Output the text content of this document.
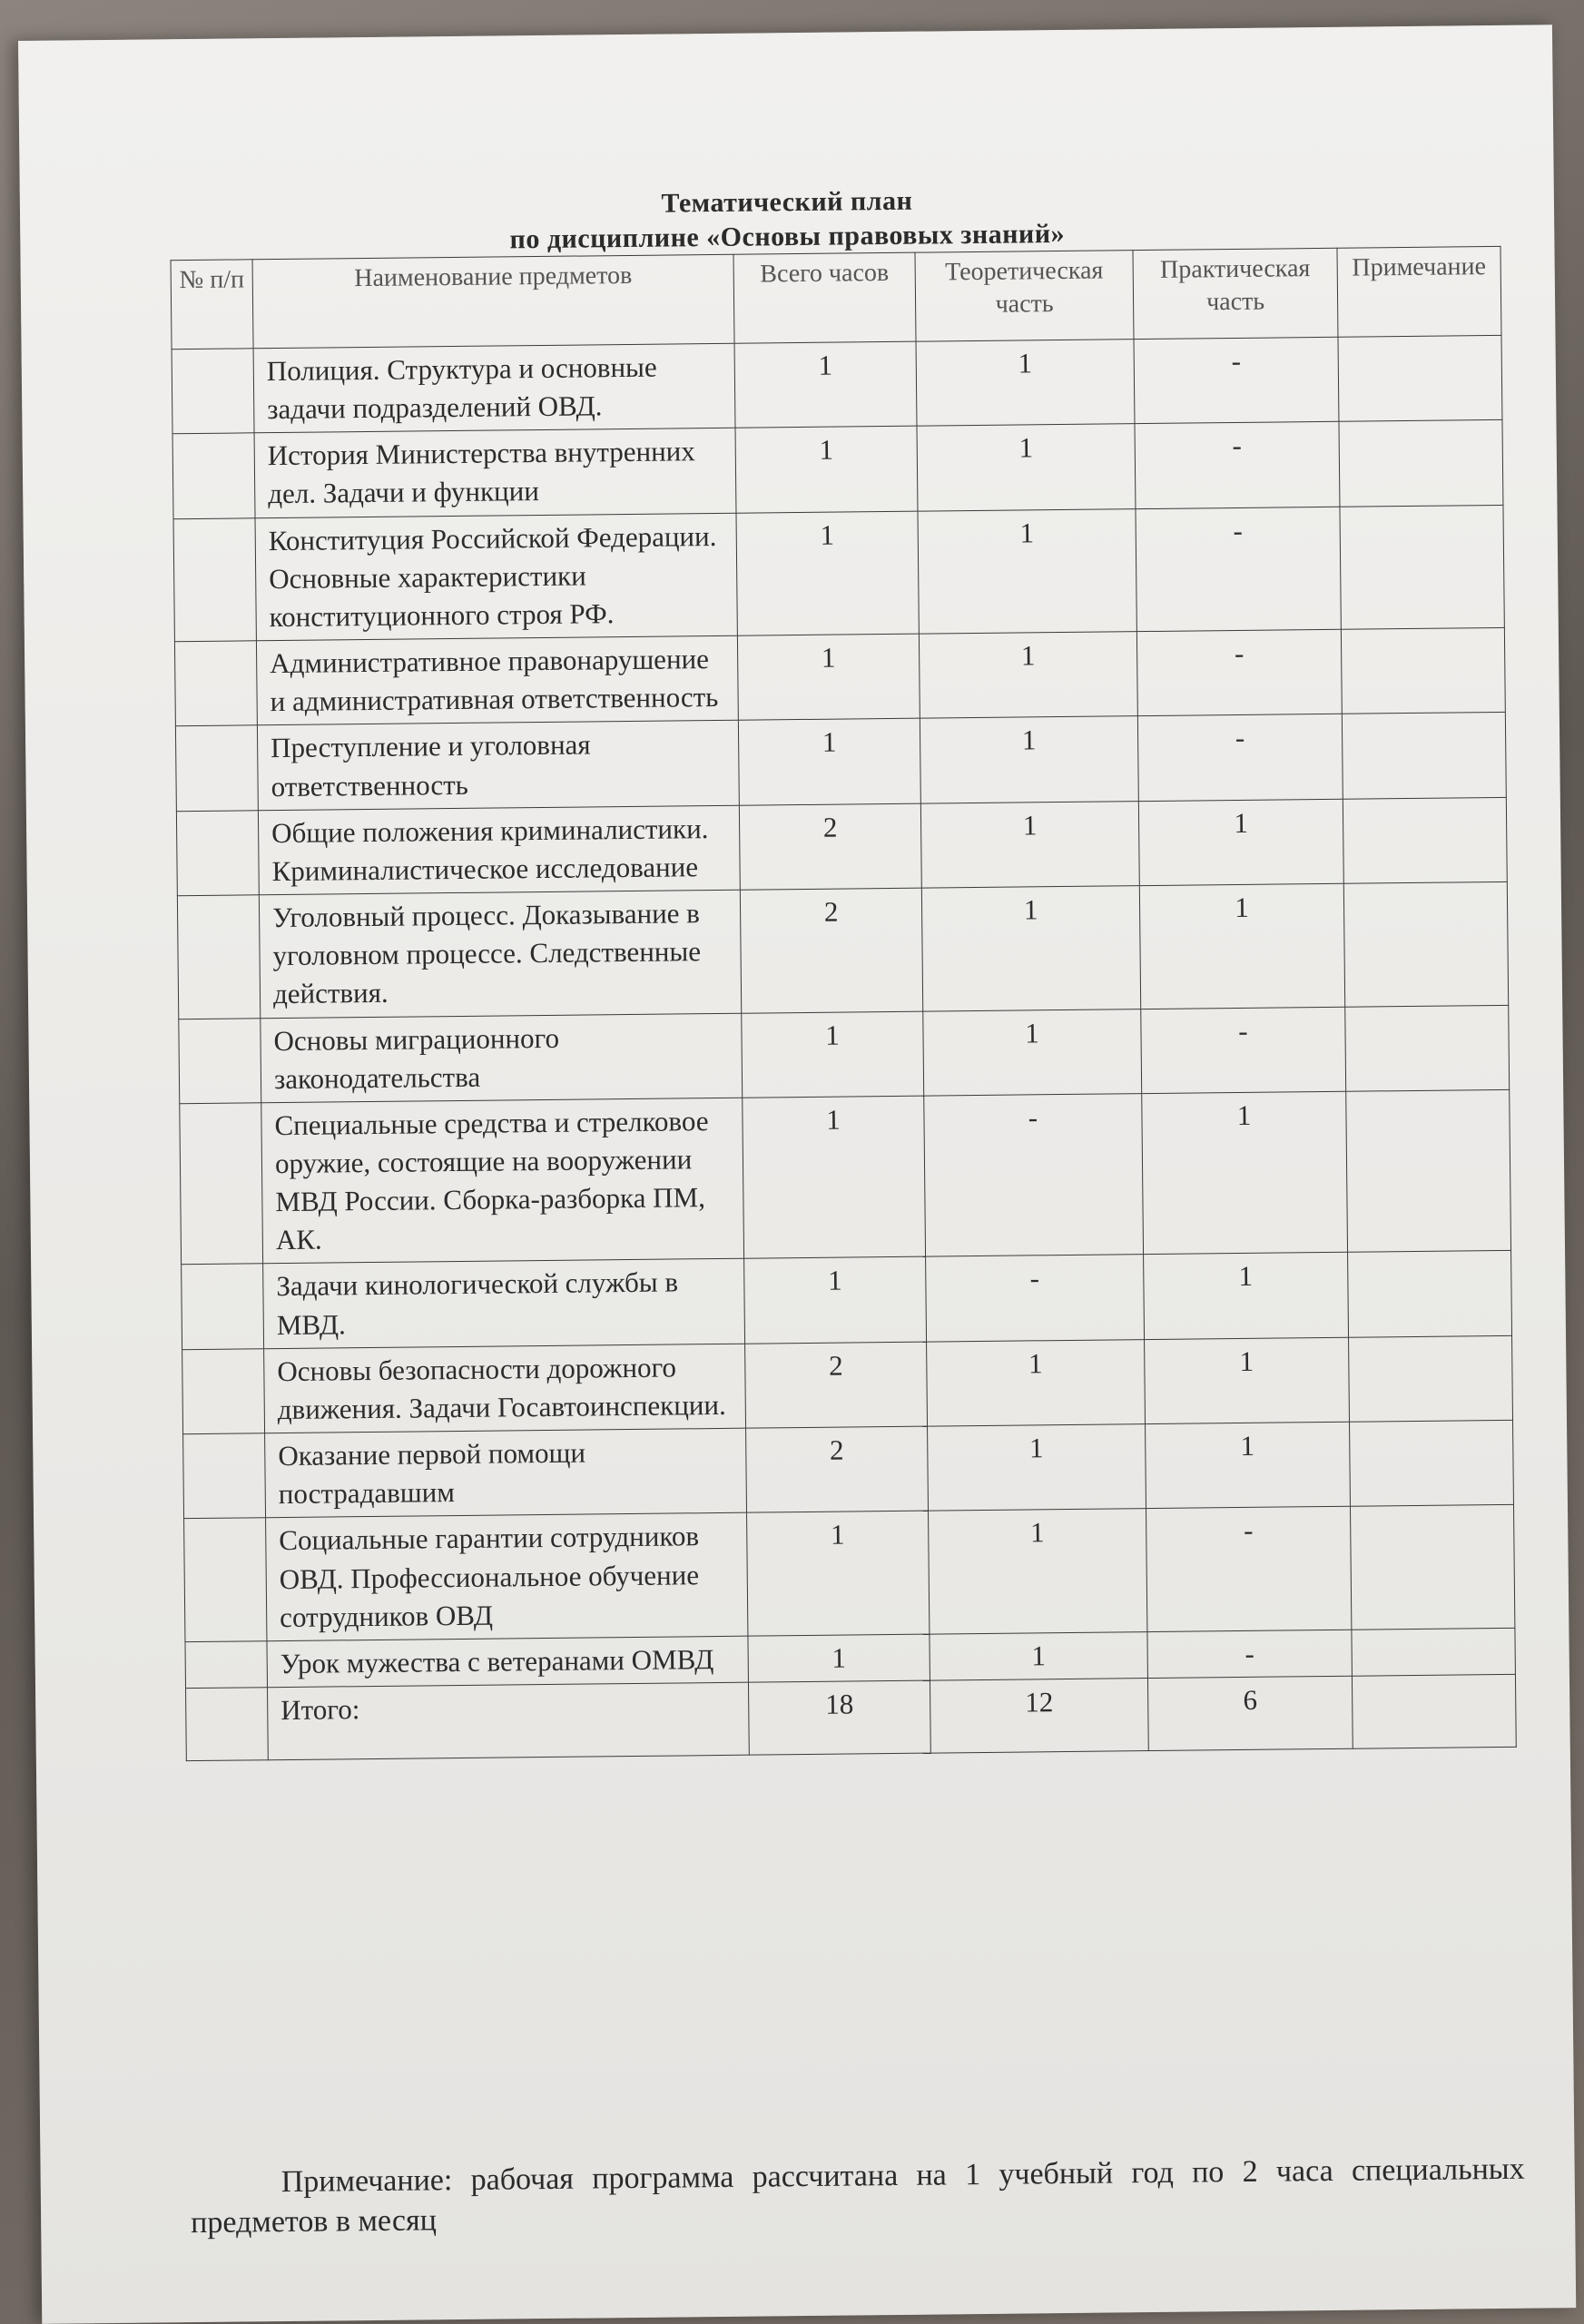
Тематический план
по дисциплине «Основы правовых знаний»
№ п/п	Наименование предметов	Всего часов	Теоретическая часть	Практическая часть	Примечание
	Полиция. Структура и основные задачи подразделений ОВД.	1	1	-	
	История Министерства внутренних дел. Задачи и функции	1	1	-	
	Конституция Российской Федерации. Основные характеристики конституционного строя РФ.	1	1	-	
	Административное правонарушение и административная ответственность	1	1	-	
	Преступление и уголовная ответственность	1	1	-	
	Общие положения криминалистики. Криминалистическое исследование	2	1	1	
	Уголовный процесс. Доказывание в уголовном процессе. Следственные действия.	2	1	1	
	Основы миграционного законодательства	1	1	-	
	Специальные средства и стрелковое оружие, состоящие на вооружении МВД России. Сборка-разборка ПМ, АК.	1	-	1	
	Задачи кинологической службы в МВД.	1	-	1	
	Основы безопасности дорожного движения. Задачи Госавтоинспекции.	2	1	1	
	Оказание первой помощи пострадавшим	2	1	1	
	Социальные гарантии сотрудников ОВД. Профессиональное обучение сотрудников ОВД	1	1	-	
	Урок мужества с ветеранами ОМВД	1	1	-	
	Итого:	18	12	6	
Примечание: рабочая программа рассчитана на 1 учебный год по 2 часа специальных предметов в месяц
